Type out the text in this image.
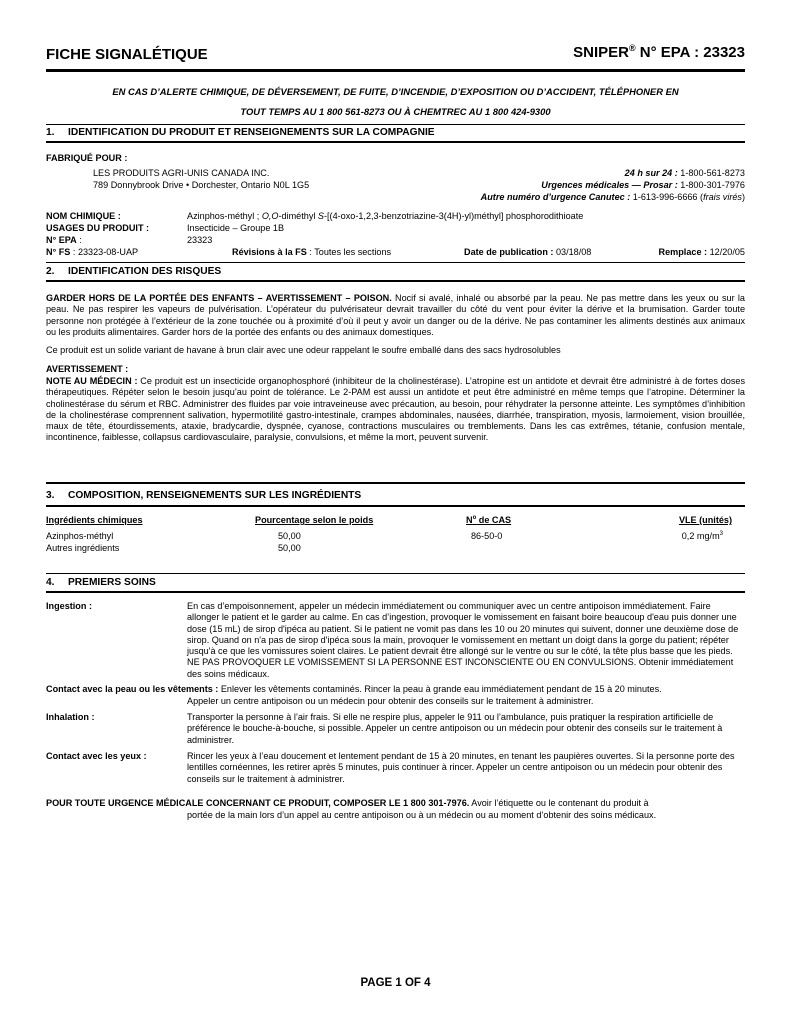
FICHE SIGNALÉTIQUE	SNIPER® N° EPA : 23323
EN CAS D’ALERTE CHIMIQUE, DE DÉVERSEMENT, DE FUITE, D’INCENDIE, D’EXPOSITION OU D’ACCIDENT, TÉLÉPHONER EN
TOUT TEMPS AU 1 800 561-8273 OU À CHEMTREC AU 1 800 424-9300
1. IDENTIFICATION DU PRODUIT ET RENSEIGNEMENTS SUR LA COMPAGNIE
FABRIQUÉ POUR :
LES PRODUITS AGRI-UNIS CANADA INC.
789 Donnybrook Drive • Dorchester, Ontario N0L 1G5
24 h sur 24 : 1-800-561-8273
Urgences médicales — Prosar : 1-800-301-7976
Autre numéro d’urgence Canutec : 1-613-996-6666 (frais virés)
NOM CHIMIQUE :	Azinphos-méthyl ; O,O-diméthyl S-[(4-oxo-1,2,3-benzotriazine-3(4H)-yl)méthyl] phosphorodithioate
USAGES DU PRODUIT :	Insecticide – Groupe 1B
N° EPA :	23323
N° FS : 23323-08-UAP	Révisions à la FS : Toutes les sections	Date de publication : 03/18/08	Remplace : 12/20/05
2. IDENTIFICATION DES RISQUES
GARDER HORS DE LA PORTÉE DES ENFANTS – AVERTISSEMENT – POISON. Nocif si avalé, inhalé ou absorbé par la peau. Ne pas mettre dans les yeux ou sur la peau. Ne pas respirer les vapeurs de pulvérisation. L’opérateur du pulvérisateur devrait travailler du côté du vent pour éviter la dérive et la brumisation. Garder toute personne non protégée à l’extérieur de la zone touchée ou à proximité d’où il peut y avoir un danger ou de la dérive. Ne pas contaminer les aliments destinés aux animaux ou les produits alimentaires. Garder hors de la portée des enfants ou des animaux domestiques.
Ce produit est un solide variant de havane à brun clair avec une odeur rappelant le soufre emballé dans des sacs hydrosolubles
AVERTISSEMENT :
NOTE AU MÉDECIN : Ce produit est un insecticide organophosphoré (inhibiteur de la cholinestérase). L’atropine est un antidote et devrait être administré à de fortes doses thérapeutiques. Répéter selon le besoin jusqu’au point de tolérance. Le 2-PAM est aussi un antidote et peut être administré en même temps que l’atropine. Déterminer la cholinestérase du sérum et RBC. Administrer des fluides par voie intraveineuse avec précaution, au besoin, pour réhydrater la personne atteinte. Les symptômes d’inhibition de la cholinestérase comprennent salivation, hypermotilité gastro-intestinale, crampes abdominales, nausées, diarrhée, transpiration, myosis, larmoiement, vision brouillée, maux de tête, étourdissements, ataxie, bradycardie, dyspnée, cyanose, contractions musculaires ou tremblements. Dans les cas extrêmes, tétanie, confusion mentale, incontinence, faiblesse, collapsus cardiovasculaire, paralysie, convulsions, et même la mort, peuvent survenir.
3. COMPOSITION, RENSEIGNEMENTS SUR LES INGRÉDIENTS
Ingrédients chimiques	Pourcentage selon le poids	$N^o$ de CAS	VLE (unités)
Azinphos-méthyl	50,00	86-50-0	0,2 $mg/m^3$
Autres ingrédients	50,00
4. PREMIERS SOINS
Ingestion :	En cas d’empoisonnement, appeler un médecin immédiatement ou communiquer avec un centre antipoison immédiatement. Faire allonger le patient et le garder au calme. En cas d’ingestion, provoquer le vomissement en faisant boire beaucoup d'eau puis donner une dose (15 mL) de sirop d'ipéca au patient. Si le patient ne vomit pas dans les 10 ou 20 minutes qui suivent, donner une deuxième dose de sirop. Quand on n'a pas de sirop d'ipéca sous la main, provoquer le vomissement en mettant un doigt dans la gorge du patient; répéter jusqu'à ce que les vomissures soient claires. Le patient devrait être allongé sur le ventre ou sur le côté, la tête plus basse que les pieds. NE PAS PROVOQUER LE VOMISSEMENT SI LA PERSONNE EST INCONSCIENTE OU EN CONVULSIONS. Obtenir immédiatement des soins médicaux.
Contact avec la peau ou les vêtements : Enlever les vêtements contaminés. Rincer la peau à grande eau immédiatement pendant de 15 à 20 minutes.
Appeler un centre antipoison ou un médecin pour obtenir des conseils sur le traitement à administrer.
Inhalation :	Transporter la personne à l’air frais. Si elle ne respire plus, appeler le 911 ou l’ambulance, puis pratiquer la respiration artificielle de préférence le bouche-à-bouche, si possible. Appeler un centre antipoison ou un médecin pour obtenir des conseils sur le traitement à administrer.
Contact avec les yeux :	Rincer les yeux à l’eau doucement et lentement pendant de 15 à 20 minutes, en tenant les paupières ouvertes. Si la personne porte des lentilles cornéennes, les retirer après 5 minutes, puis continuer à rincer. Appeler un centre antipoison ou un médecin pour obtenir des conseils sur le traitement à administrer.
POUR TOUTE URGENCE MÉDICALE CONCERNANT CE PRODUIT, COMPOSER LE 1 800 301-7976. Avoir l’étiquette ou le contenant du produit à
portée de la main lors d’un appel au centre antipoison ou à un médecin ou au moment d’obtenir des soins médicaux.
PAGE 1 OF 4
